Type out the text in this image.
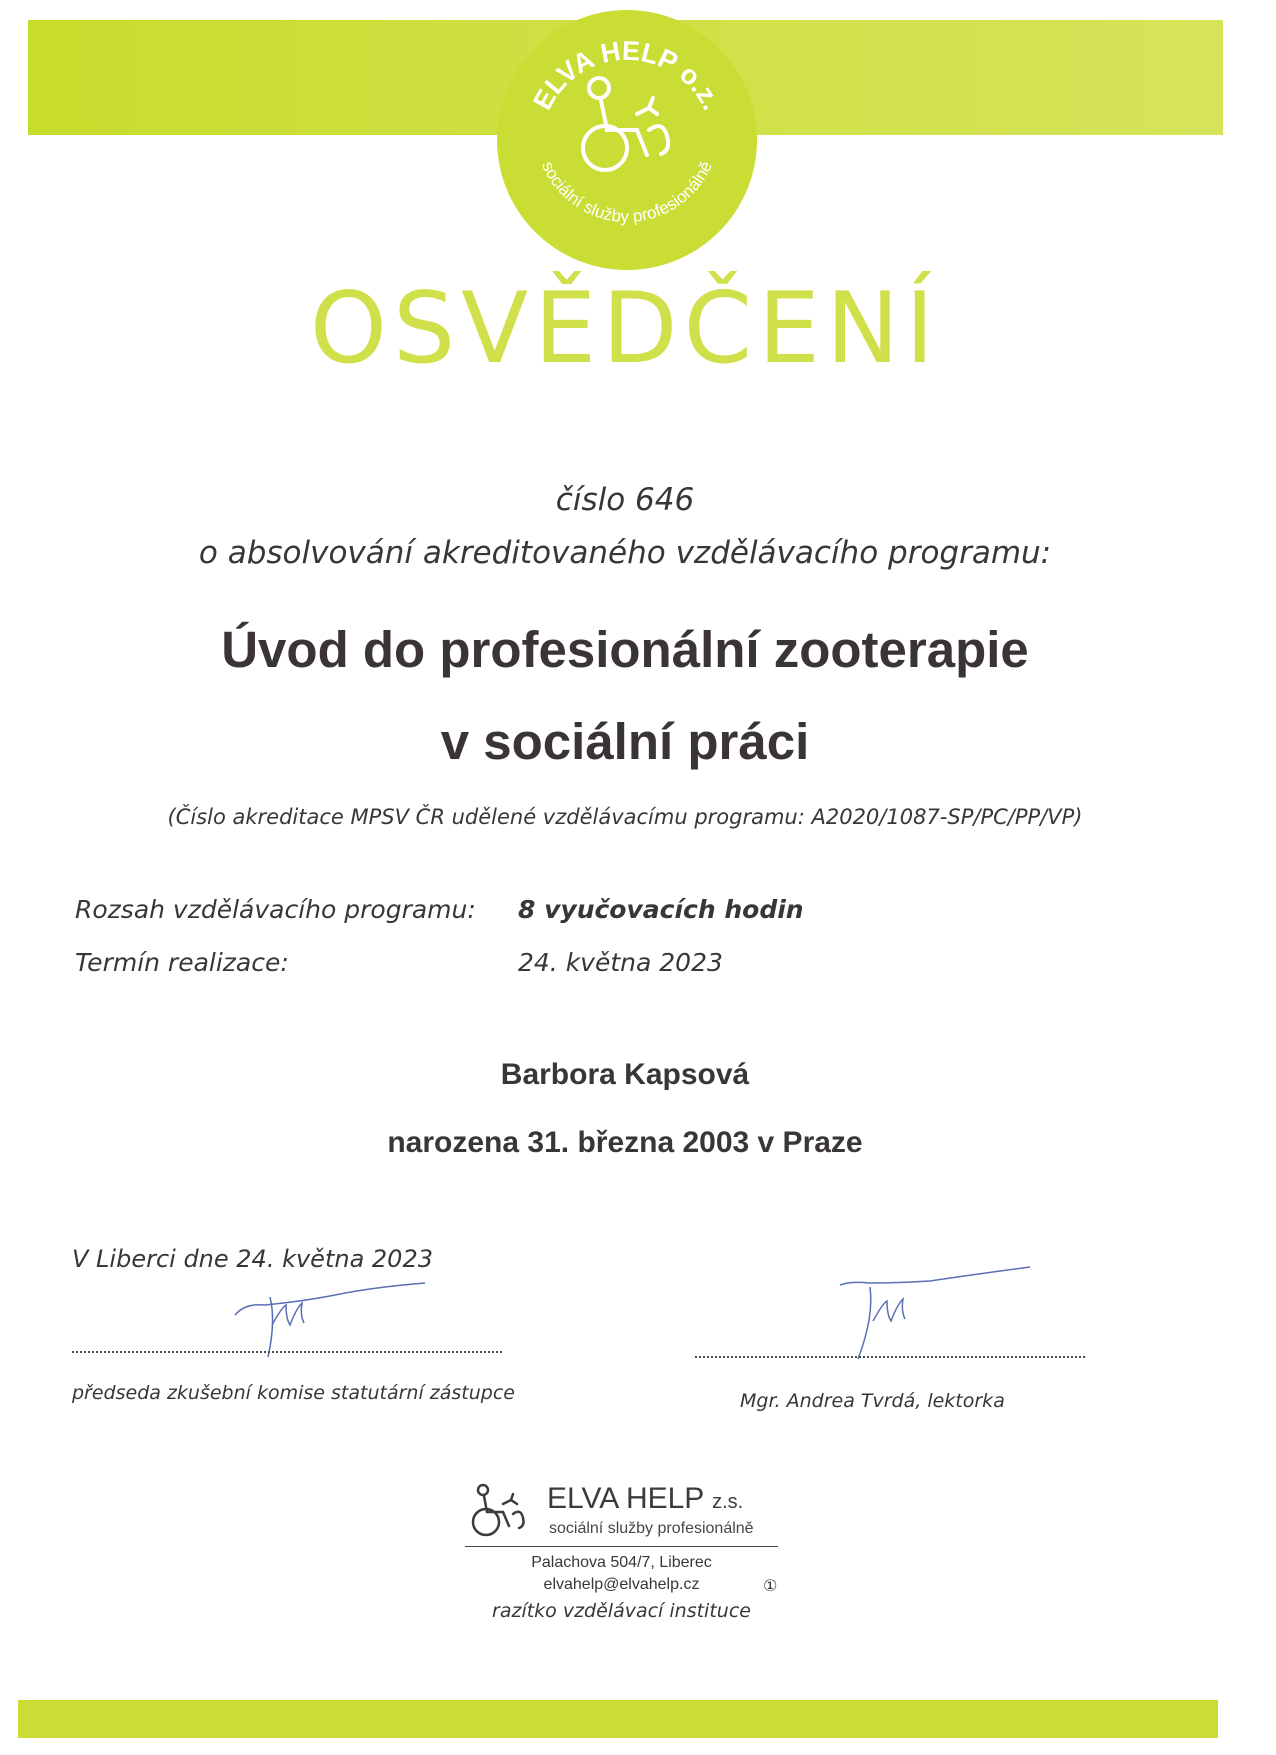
ELVA HELP o.z.
sociální služby profesionálně
OSVĚDČENÍ
číslo 646
o absolvování akreditovaného vzdělávacího programu:
Úvod do profesionální zooterapie
v sociální práci
(Číslo akreditace MPSV ČR udělené vzdělávacímu programu: A2020/1087-SP/PC/PP/VP)
Rozsah vzdělávacího programu: 8 vyučovacích hodin
Termín realizace:	24. května 2023
Barbora Kapsová
narozena 31. března 2003 v Praze
V Liberci dne 24. května 2023
předseda zkušební komise statutární zástupce	Mgr. Andrea Tvrdá, lektorka
ELVA HELP z.s.
sociální služby profesionálně
Palachova 504/7, Liberec
elvahelp@elvahelp.cz	①
razítko vzdělávací instituce
